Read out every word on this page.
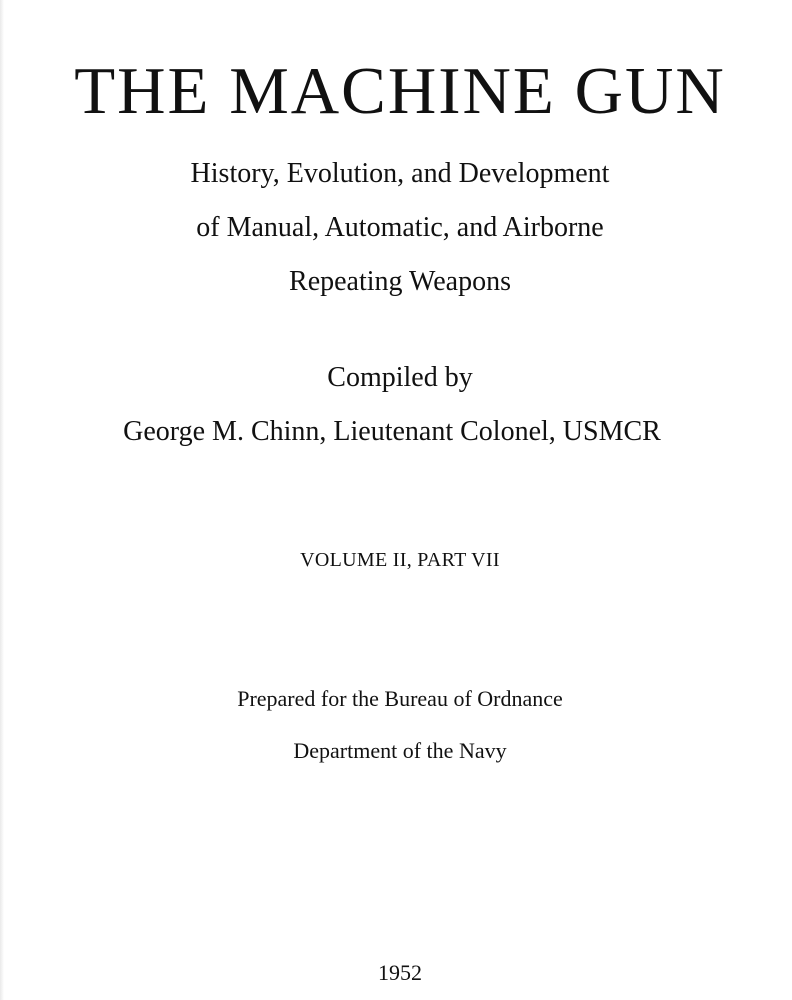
THE MACHINE GUN
History, Evolution, and Development
of Manual, Automatic, and Airborne
Repeating Weapons
Compiled by
George M. Chinn, Lieutenant Colonel, USMCR
VOLUME II, PART VII
Prepared for the Bureau of Ordnance
Department of the Navy
1952
